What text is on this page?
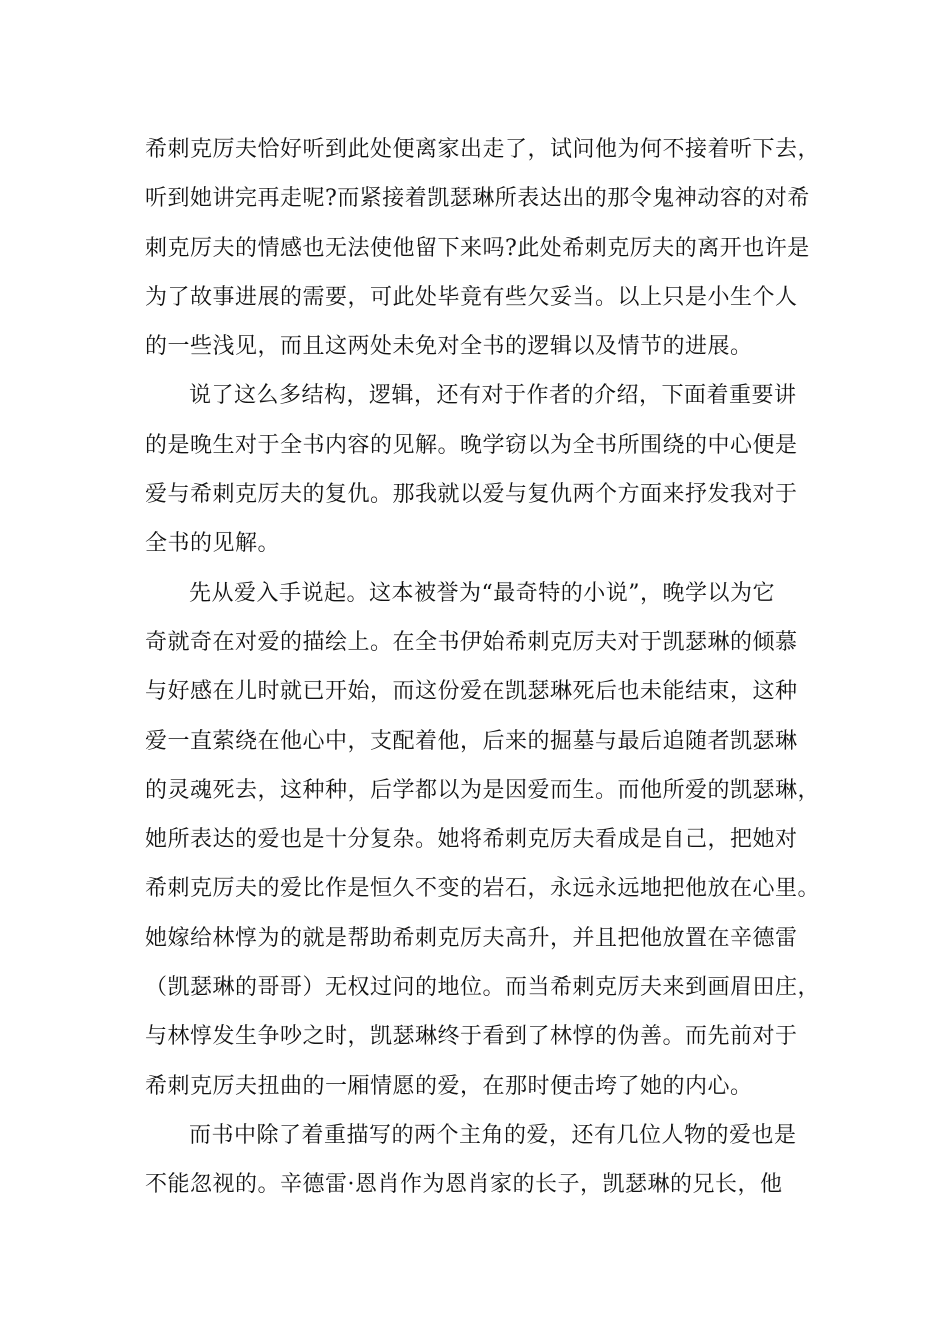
希刺克厉夫恰好听到此处便离家出走了，试问他为何不接着听下去，
听到她讲完再走呢?而紧接着凯瑟琳所表达出的那令鬼神动容的对希
刺克厉夫的情感也无法使他留下来吗?此处希刺克厉夫的离开也许是
为了故事进展的需要，可此处毕竟有些欠妥当。以上只是小生个人
的一些浅见，而且这两处未免对全书的逻辑以及情节的进展。
说了这么多结构，逻辑，还有对于作者的介绍，下面着重要讲
的是晚生对于全书内容的见解。晚学窃以为全书所围绕的中心便是
爱与希刺克厉夫的复仇。那我就以爱与复仇两个方面来抒发我对于
全书的见解。
先从爱入手说起。这本被誉为“最奇特的小说”，晚学以为它
奇就奇在对爱的描绘上。在全书伊始希刺克厉夫对于凯瑟琳的倾慕
与好感在儿时就已开始，而这份爱在凯瑟琳死后也未能结束，这种
爱一直萦绕在他心中，支配着他，后来的掘墓与最后追随者凯瑟琳
的灵魂死去，这种种，后学都以为是因爱而生。而他所爱的凯瑟琳，
她所表达的爱也是十分复杂。她将希刺克厉夫看成是自己，把她对
希刺克厉夫的爱比作是恒久不变的岩石，永远永远地把他放在心里。
她嫁给林惇为的就是帮助希刺克厉夫高升，并且把他放置在辛德雷
（凯瑟琳的哥哥）无权过问的地位。而当希刺克厉夫来到画眉田庄，
与林惇发生争吵之时，凯瑟琳终于看到了林惇的伪善。而先前对于
希刺克厉夫扭曲的一厢情愿的爱，在那时便击垮了她的内心。
而书中除了着重描写的两个主角的爱，还有几位人物的爱也是
不能忽视的。辛德雷·恩肖作为恩肖家的长子，凯瑟琳的兄长，他
